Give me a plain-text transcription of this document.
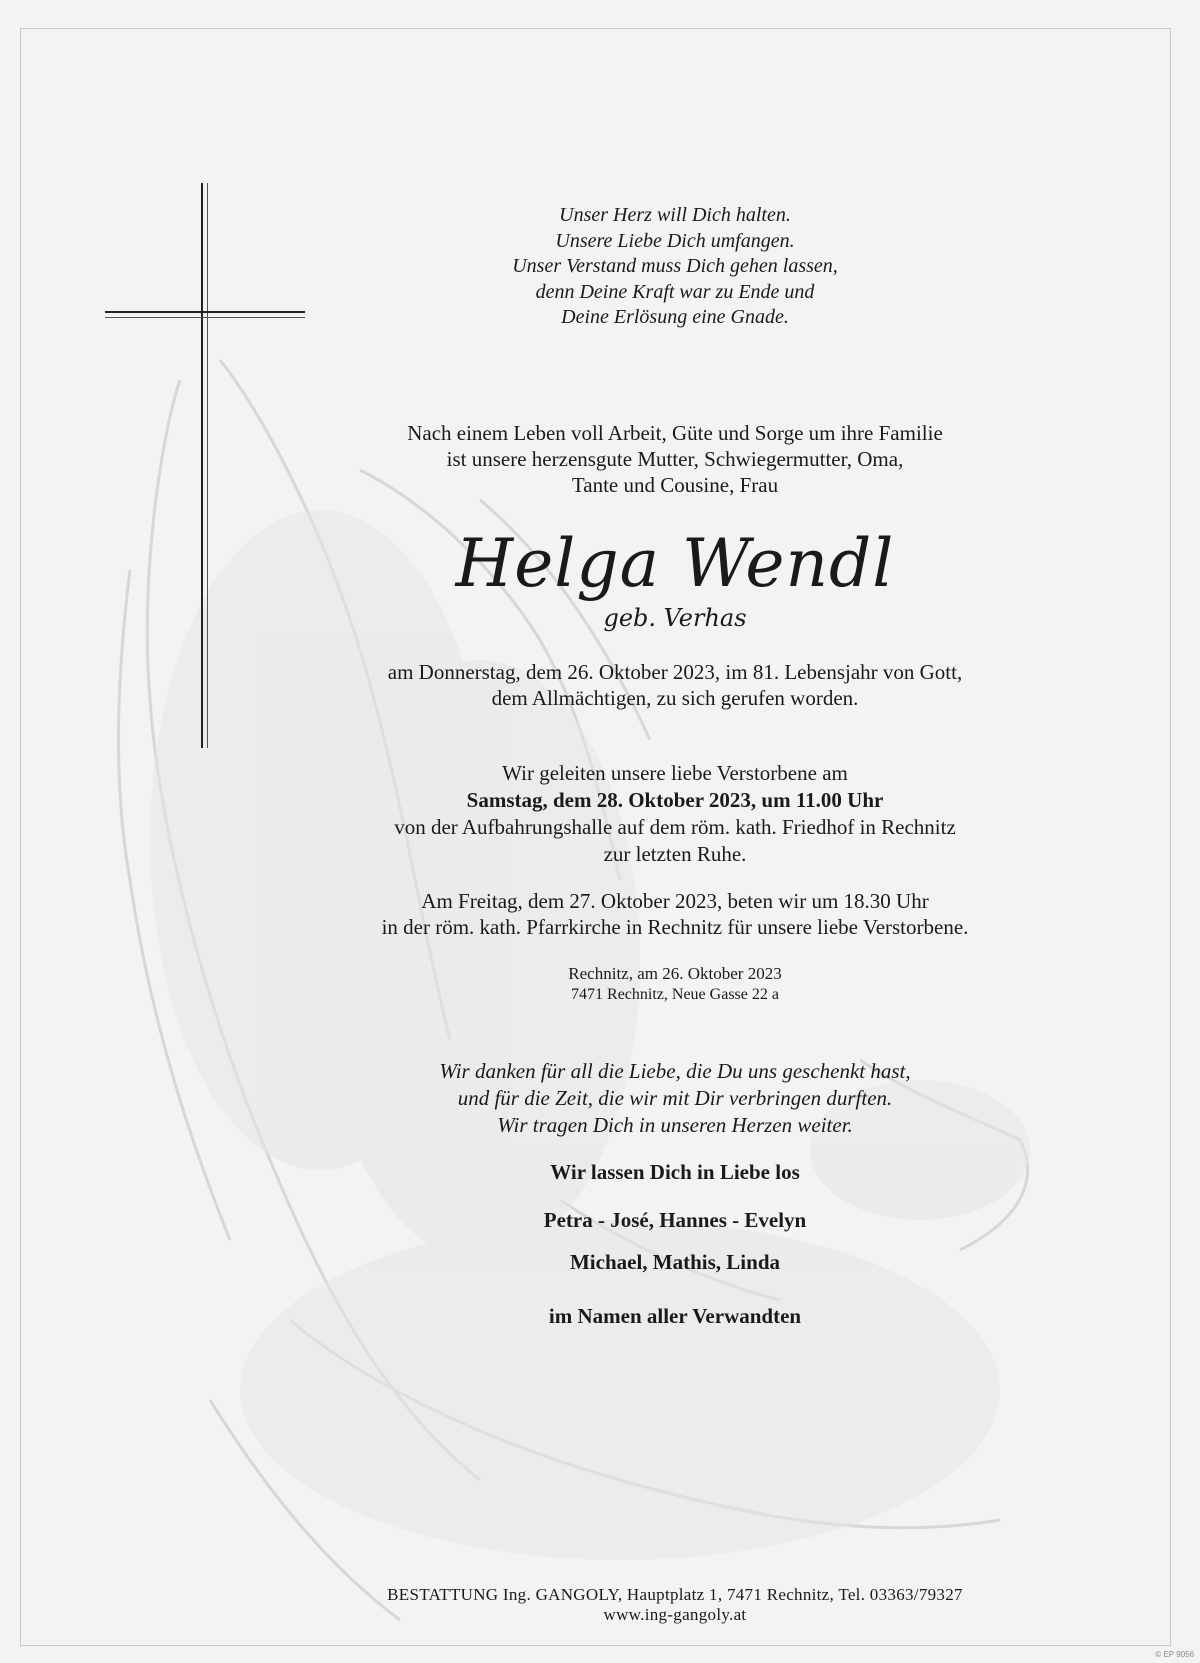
Unser Herz will Dich halten.
Unsere Liebe Dich umfangen.
Unser Verstand muss Dich gehen lassen,
denn Deine Kraft war zu Ende und
Deine Erlösung eine Gnade.
Nach einem Leben voll Arbeit, Güte und Sorge um ihre Familie
ist unsere herzensgute Mutter, Schwiegermutter, Oma,
Tante und Cousine, Frau
Helga Wendl
geb. Verhas
am Donnerstag, dem 26. Oktober 2023, im 81. Lebensjahr von Gott,
dem Allmächtigen, zu sich gerufen worden.
Wir geleiten unsere liebe Verstorbene am
Samstag, dem 28. Oktober 2023, um 11.00 Uhr
von der Aufbahrungshalle auf dem röm. kath. Friedhof in Rechnitz
zur letzten Ruhe.
Am Freitag, dem 27. Oktober 2023, beten wir um 18.30 Uhr
in der röm. kath. Pfarrkirche in Rechnitz für unsere liebe Verstorbene.
Rechnitz, am 26. Oktober 2023
7471 Rechnitz, Neue Gasse 22 a
Wir danken für all die Liebe, die Du uns geschenkt hast,
und für die Zeit, die wir mit Dir verbringen durften.
Wir tragen Dich in unseren Herzen weiter.
Wir lassen Dich in Liebe los
Petra - José, Hannes - Evelyn
Michael, Mathis, Linda
im Namen aller Verwandten
BESTATTUNG Ing. GANGOLY, Hauptplatz 1, 7471 Rechnitz, Tel. 03363/79327
www.ing-gangoly.at
© EP 9056
